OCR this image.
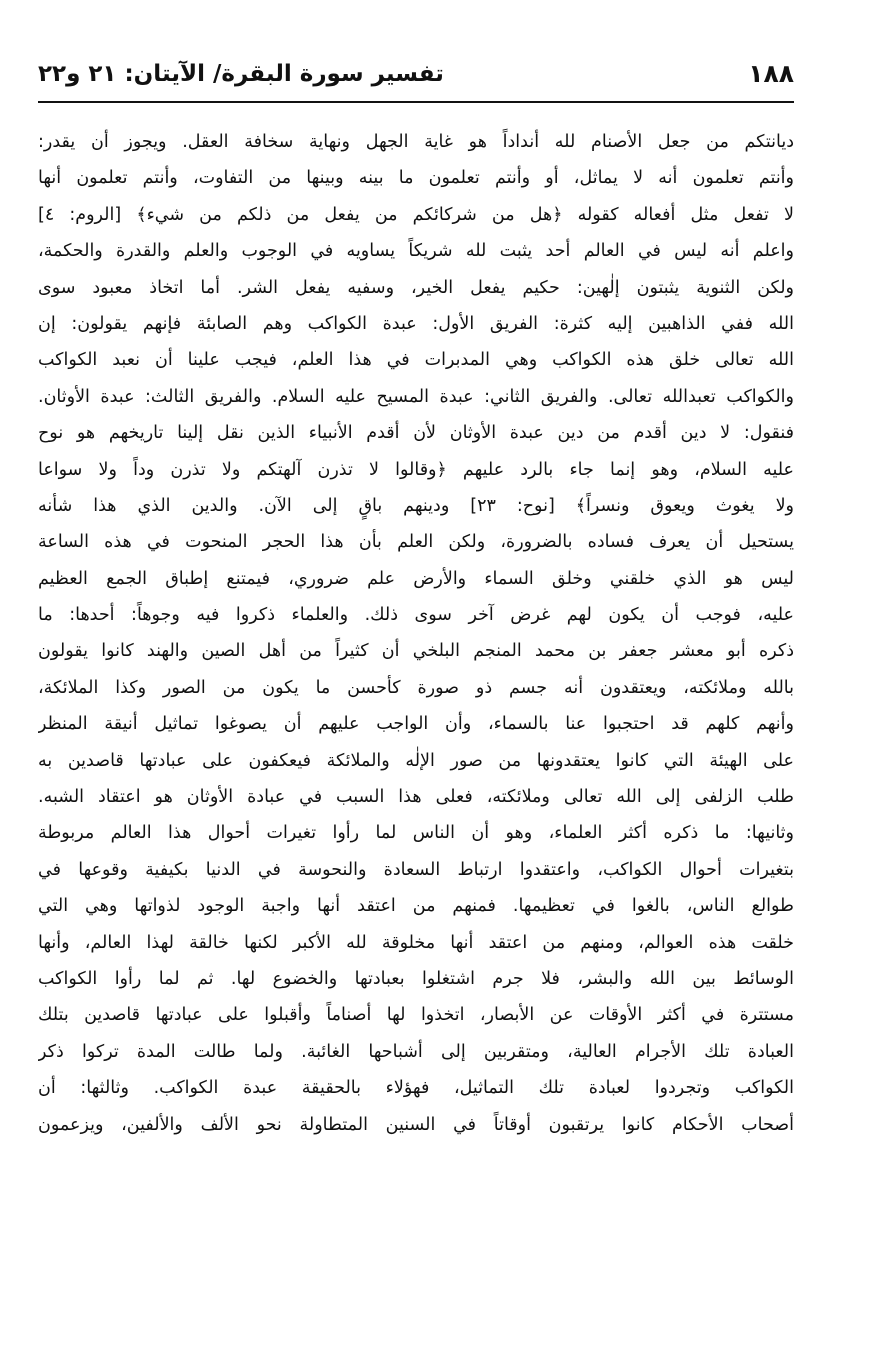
١٨٨
تفسير سورة البقرة/ الآيتان: ٢١ و٢٢
ديانتكم من جعل الأصنام لله أنداداً هو غاية الجهل ونهاية سخافة العقل. ويجوز أن يقدر:
وأنتم تعلمون أنه لا يماثل، أو وأنتم تعلمون ما بينه وبينها من التفاوت، وأنتم تعلمون أنها
لا تفعل مثل أفعاله كقوله ﴿هل من شركائكم من يفعل من ذلكم من شيء﴾ [الروم: ٤]
واعلم أنه ليس في العالم أحد يثبت لله شريكاً يساويه في الوجوب والعلم والقدرة والحكمة،
ولكن الثنوية يثبتون إلٰهين: حكيم يفعل الخير، وسفيه يفعل الشر. أما اتخاذ معبود سوى
الله ففي الذاهبين إليه كثرة: الفريق الأول: عبدة الكواكب وهم الصابئة فإنهم يقولون: إن
الله تعالى خلق هذه الكواكب وهي المدبرات في هذا العلم، فيجب علينا أن نعبد الكواكب
والكواكب تعبدالله تعالى. والفريق الثاني: عبدة المسيح عليه السلام. والفريق الثالث: عبدة الأوثان.
فنقول: لا دين أقدم من دين عبدة الأوثان لأن أقدم الأنبياء الذين نقل إلينا تاريخهم هو نوح
عليه السلام، وهو إنما جاء بالرد عليهم ﴿وقالوا لا تذرن آلهتكم ولا تذرن وداً ولا سواعا
ولا يغوث ويعوق ونسراً﴾ [نوح: ٢٣] ودينهم باقٍ إلى الآن. والدين الذي هذا شأنه
يستحيل أن يعرف فساده بالضرورة، ولكن العلم بأن هذا الحجر المنحوت في هذه الساعة
ليس هو الذي خلقني وخلق السماء والأرض علم ضروري، فيمتنع إطباق الجمع العظيم
عليه، فوجب أن يكون لهم غرض آخر سوى ذلك. والعلماء ذكروا فيه وجوهاً: أحدها: ما
ذكره أبو معشر جعفر بن محمد المنجم البلخي أن كثيراً من أهل الصين والهند كانوا يقولون
بالله وملائكته، ويعتقدون أنه جسم ذو صورة كأحسن ما يكون من الصور وكذا الملائكة،
وأنهم كلهم قد احتجبوا عنا بالسماء، وأن الواجب عليهم أن يصوغوا تماثيل أنيقة المنظر
على الهيئة التي كانوا يعتقدونها من صور الإلٰه والملائكة فيعكفون على عبادتها قاصدين به
طلب الزلفى إلى الله تعالى وملائكته، فعلى هذا السبب في عبادة الأوثان هو اعتقاد الشبه.
وثانيها: ما ذكره أكثر العلماء، وهو أن الناس لما رأوا تغيرات أحوال هذا العالم مربوطة
بتغيرات أحوال الكواكب، واعتقدوا ارتباط السعادة والنحوسة في الدنيا بكيفية وقوعها في
طوالع الناس، بالغوا في تعظيمها. فمنهم من اعتقد أنها واجبة الوجود لذواتها وهي التي
خلقت هذه العوالم، ومنهم من اعتقد أنها مخلوقة لله الأكبر لكنها خالقة لهذا العالم، وأنها
الوسائط بين الله والبشر، فلا جرم اشتغلوا بعبادتها والخضوع لها. ثم لما رأوا الكواكب
مستترة في أكثر الأوقات عن الأبصار، اتخذوا لها أصناماً وأقبلوا على عبادتها قاصدين بتلك
العبادة تلك الأجرام العالية، ومتقربين إلى أشباحها الغائبة. ولما طالت المدة تركوا ذكر
الكواكب وتجردوا لعبادة تلك التماثيل، فهؤلاء بالحقيقة عبدة الكواكب. وثالثها: أن
أصحاب الأحكام كانوا يرتقبون أوقاتاً في السنين المتطاولة نحو الألف والألفين، ويزعمون
